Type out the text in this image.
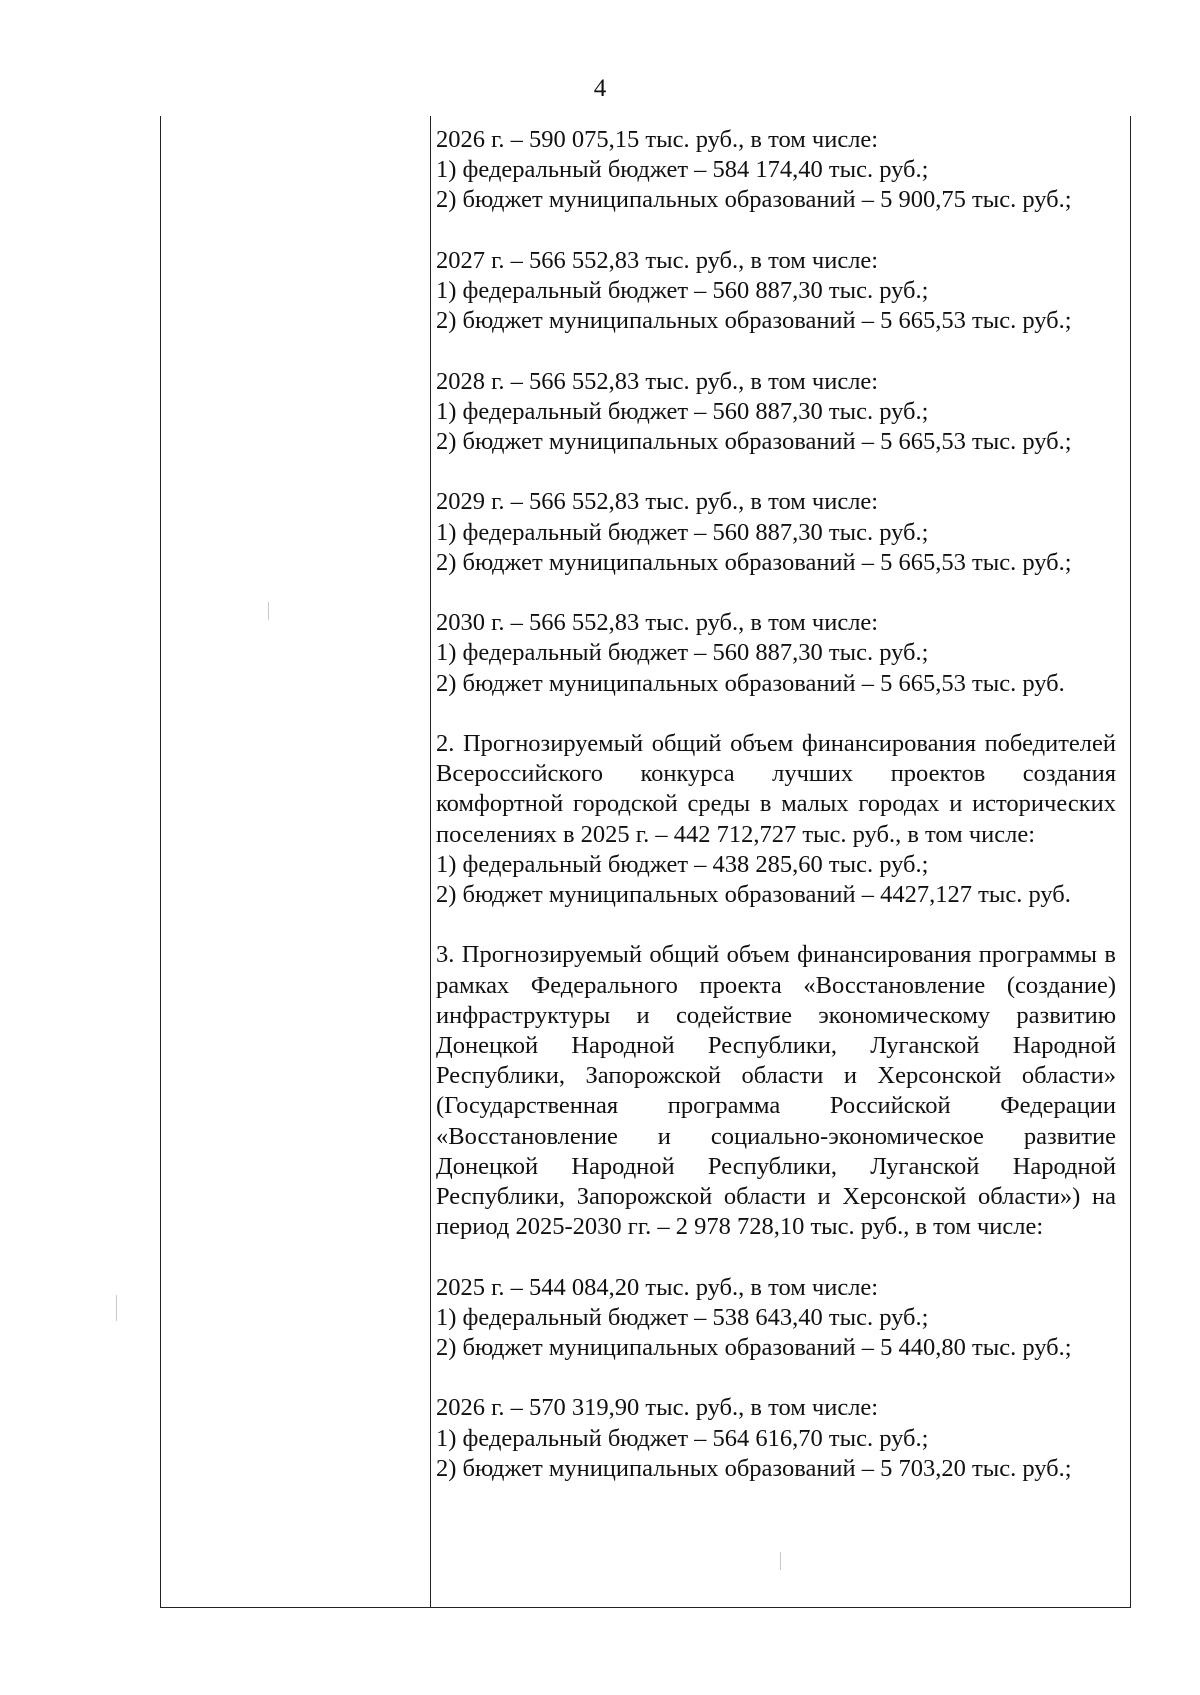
4
2026 г. – 590 075,15 тыс. руб., в том числе:
1) федеральный бюджет – 584 174,40 тыс. руб.;
2) бюджет муниципальных образований – 5 900,75 тыс. руб.;
2027 г. – 566 552,83 тыс. руб., в том числе:
1) федеральный бюджет – 560 887,30 тыс. руб.;
2) бюджет муниципальных образований – 5 665,53 тыс. руб.;
2028 г. – 566 552,83 тыс. руб., в том числе:
1) федеральный бюджет – 560 887,30 тыс. руб.;
2) бюджет муниципальных образований – 5 665,53 тыс. руб.;
2029 г. – 566 552,83 тыс. руб., в том числе:
1) федеральный бюджет – 560 887,30 тыс. руб.;
2) бюджет муниципальных образований – 5 665,53 тыс. руб.;
2030 г. – 566 552,83 тыс. руб., в том числе:
1) федеральный бюджет – 560 887,30 тыс. руб.;
2) бюджет муниципальных образований – 5 665,53 тыс. руб.
2. Прогнозируемый общий объем финансирования победителей Всероссийского конкурса лучших проектов создания комфортной городской среды в малых городах и исторических поселениях в 2025 г. – 442 712,727 тыс. руб., в том числе:
1) федеральный бюджет – 438 285,60 тыс. руб.;
2) бюджет муниципальных образований – 4427,127 тыс. руб.
3. Прогнозируемый общий объем финансирования программы в рамках Федерального проекта «Восстановление (создание) инфраструктуры и содействие экономическому развитию Донецкой Народной Республики, Луганской Народной Республики, Запорожской области и Херсонской области» (Государственная программа Российской Федерации «Восстановление и социально-экономическое развитие Донецкой Народной Республики, Луганской Народной Республики, Запорожской области и Херсонской области») на период 2025-2030 гг. – 2 978 728,10 тыс. руб., в том числе:
2025 г. – 544 084,20 тыс. руб., в том числе:
1) федеральный бюджет – 538 643,40 тыс. руб.;
2) бюджет муниципальных образований – 5 440,80 тыс. руб.;
2026 г. – 570 319,90 тыс. руб., в том числе:
1) федеральный бюджет – 564 616,70 тыс. руб.;
2) бюджет муниципальных образований – 5 703,20 тыс. руб.;
